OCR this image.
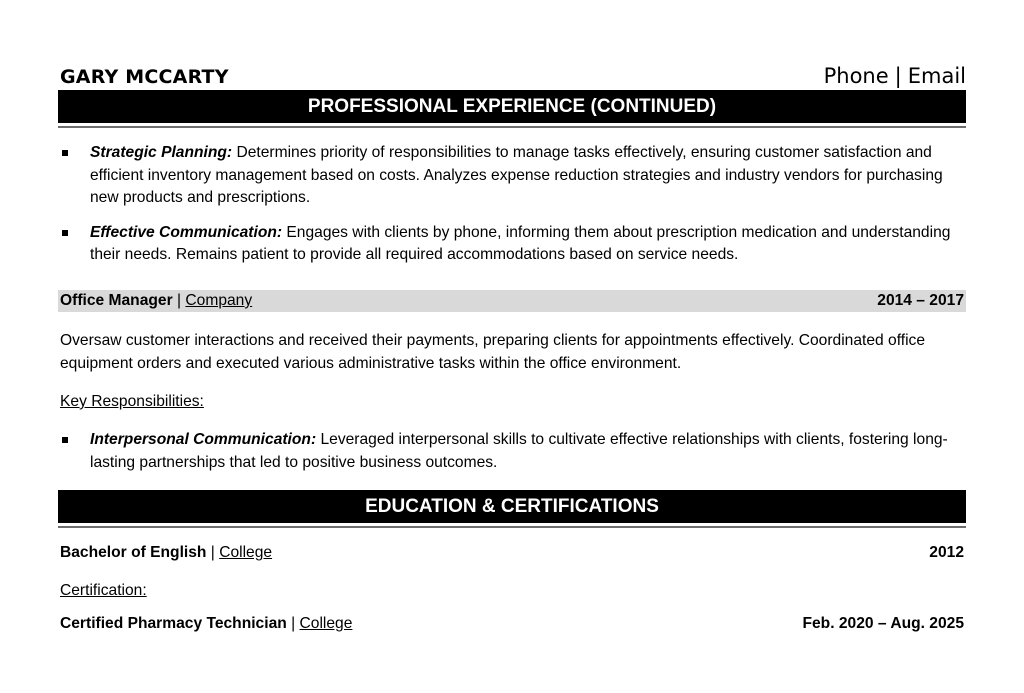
GARY MCCARTY	Phone | Email
PROFESSIONAL EXPERIENCE (CONTINUED)
Strategic Planning: Determines priority of responsibilities to manage tasks effectively, ensuring customer satisfaction and efficient inventory management based on costs. Analyzes expense reduction strategies and industry vendors for purchasing new products and prescriptions.
Effective Communication: Engages with clients by phone, informing them about prescription medication and understanding their needs. Remains patient to provide all required accommodations based on service needs.
Office Manager | Company	2014 – 2017

Oversaw customer interactions and received their payments, preparing clients for appointments effectively. Coordinated office equipment orders and executed various administrative tasks within the office environment.

Key Responsibilities:

Interpersonal Communication: Leveraged interpersonal skills to cultivate effective relationships with clients, fostering long-lasting partnerships that led to positive business outcomes.
EDUCATION & CERTIFICATIONS
Bachelor of English | College	2012
Certification:
Certified Pharmacy Technician | College	Feb. 2020 – Aug. 2025
